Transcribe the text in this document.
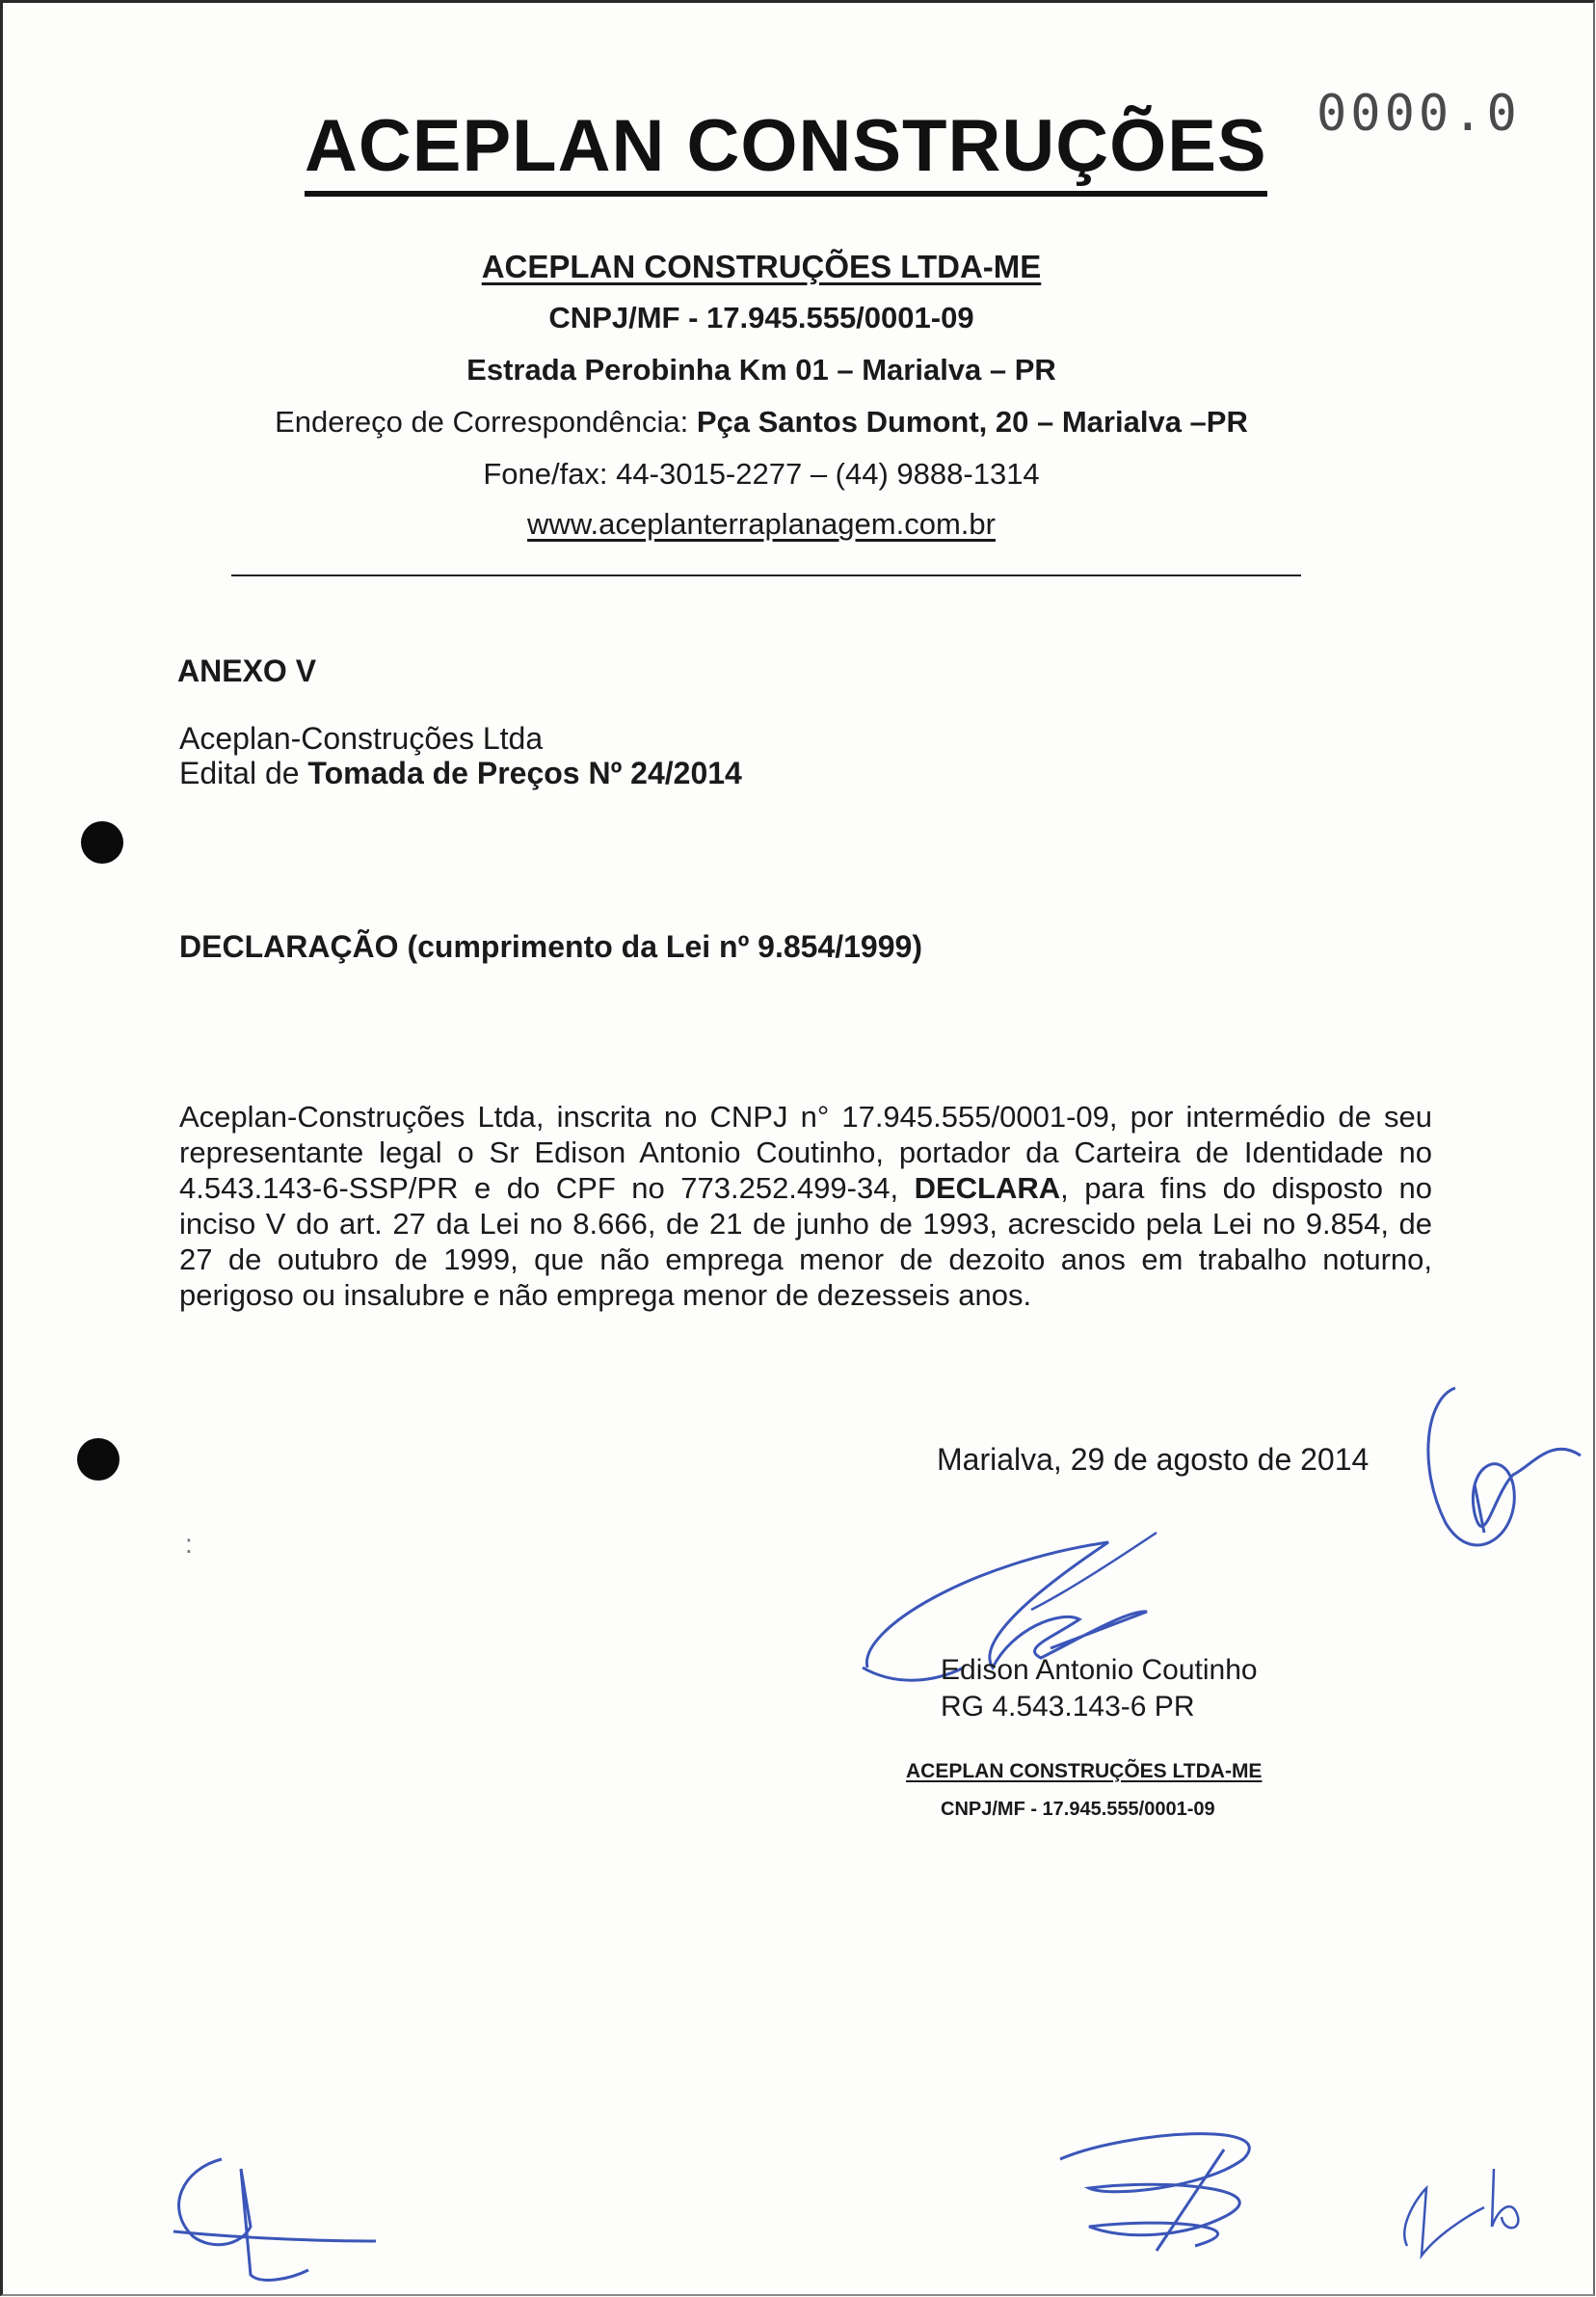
ACEPLAN CONSTRUÇÕES 0000.0
ACEPLAN CONSTRUÇÕES LTDA-ME
CNPJ/MF - 17.945.555/0001-09
Estrada Perobinha Km 01 – Marialva – PR
Endereço de Correspondência: Pça Santos Dumont, 20 – Marialva –PR
Fone/fax: 44-3015-2277 – (44) 9888-1314
www.aceplanterraplanagem.com.br
ANEXO V
Aceplan-Construções Ltda
Edital de Tomada de Preços Nº 24/2014
DECLARAÇÃO (cumprimento da Lei nº 9.854/1999)
Aceplan-Construções Ltda, inscrita no CNPJ n° 17.945.555/0001-09, por intermédio de seu representante legal o Sr Edison Antonio Coutinho, portador da Carteira de Identidade no 4.543.143-6-SSP/PR e do CPF no 773.252.499-34, DECLARA, para fins do disposto no inciso V do art. 27 da Lei no 8.666, de 21 de junho de 1993, acrescido pela Lei no 9.854, de 27 de outubro de 1999, que não emprega menor de dezoito anos em trabalho noturno, perigoso ou insalubre e não emprega menor de dezesseis anos.
Marialva, 29 de agosto de 2014
:
Edison Antonio Coutinho
RG 4.543.143-6 PR
ACEPLAN CONSTRUÇÕES LTDA-ME
CNPJ/MF - 17.945.555/0001-09
